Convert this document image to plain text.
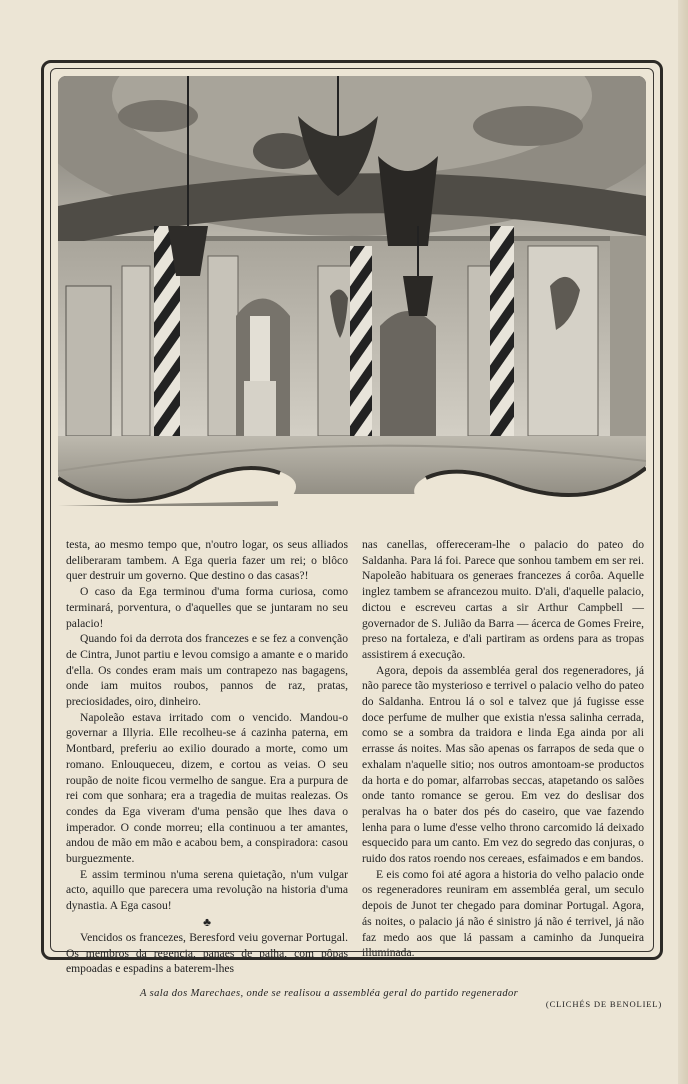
testa, ao mesmo tempo que, n'outro logar, os seus alliados deliberaram tambem. A Ega queria fazer um rei; o blôco quer destruir um governo. Que destino o das casas?!

O caso da Ega terminou d'uma forma curiosa, como terminará, porventura, o d'aquelles que se juntaram no seu palacio!

Quando foi da derrota dos francezes e se fez a convenção de Cintra, Junot partiu e levou comsigo a amante e o marido d'ella. Os condes eram mais um contrapezo nas bagagens, onde iam muitos roubos, pannos de raz, pratas, preciosidades, oiro, dinheiro.

Napoleão estava irritado com o vencido. Mandou-o governar a Illyria. Elle recolheu-se á cazinha paterna, em Montbard, preferiu ao exilio dourado a morte, como um romano. Enlouqueceu, dizem, e cortou as veias. O seu roupão de noite ficou vermelho de sangue. Era a purpura de rei com que sonhara; era a tragedia de muitas realezas. Os condes da Ega viveram d'uma pensão que lhes dava o imperador. O conde morreu; ella continuou a ter amantes, andou de mão em mão e acabou bem, a conspiradora: casou burguezmente.

E assim terminou n'uma serena quietação, n'um vulgar acto, aquillo que parecera uma revolução na historia d'uma dynastia. A Ega casou!

♣

Vencidos os francezes, Beresford veiu governar Portugal. Os membros da regencia, panaes de palha, com pôpas empoadas e espadins a baterem-lhes

nas canellas, offereceram-lhe o palacio do pateo do Saldanha. Para lá foi. Parece que sonhou tambem em ser rei. Napoleão habituara os generaes francezes á corôa. Aquelle inglez tambem se afrancezou muito. D'ali, d'aquelle palacio, dictou e escreveu cartas a sir Arthur Campbell — governador de S. Julião da Barra — ácerca de Gomes Freire, preso na fortaleza, e d'ali partiram as ordens para as tropas assistirem á execução.

Agora, depois da assembléa geral dos regeneradores, já não parece tão mysterioso e terrivel o palacio velho do pateo do Saldanha. Entrou lá o sol e talvez que já fugisse esse doce perfume de mulher que existia n'essa salinha cerrada, como se a sombra da traidora e linda Ega ainda por ali errasse ás noites. Mas são apenas os farrapos de seda que o exhalam n'aquelle sitio; nos outros amontoam-se productos da horta e do pomar, alfarrobas seccas, atapetando os salões onde tanto romance se gerou. Em vez do deslisar dos peralvas ha o bater dos pés do caseiro, que vae fazendo lenha para o lume d'esse velho throno carcomido lá deixado esquecido para um canto. Em vez do segredo das conjuras, o ruido dos ratos roendo nos cereaes, esfaimados e em bandos.

E eis como foi até agora a historia do velho palacio onde os regeneradores reuniram em assembléa geral, um seculo depois de Junot ter chegado para dominar Portugal. Agora, ás noites, o palacio já não é sinistro já não é terrivel, já não faz medo aos que lá passam a caminho da Junqueira illuminada.

A sala dos Marechaes, onde se realisou a assembléa geral do partido regenerador
(CLICHÉS DE BENOLIEL)
